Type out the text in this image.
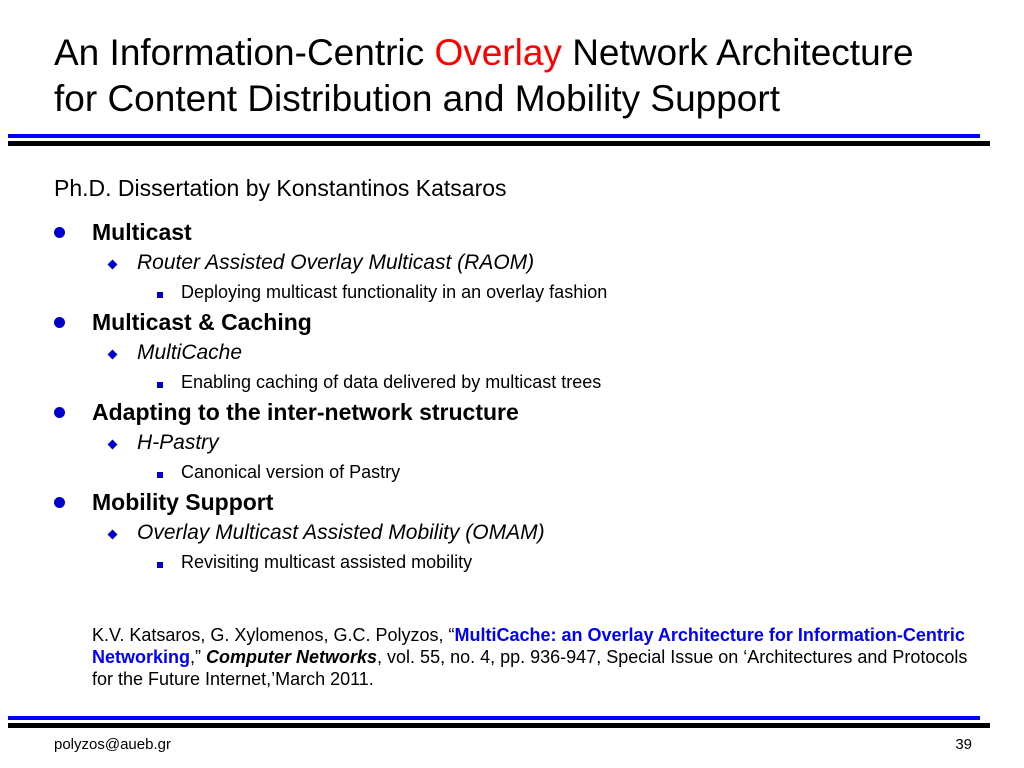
An Information-Centric Overlay Network Architecture
for Content Distribution and Mobility Support
Ph.D. Dissertation by Konstantinos Katsaros
Multicast
Router Assisted Overlay Multicast (RAOM)
Deploying multicast functionality in an overlay fashion
Multicast & Caching
MultiCache
Enabling caching of data delivered by multicast trees
Adapting to the inter-network structure
H-Pastry
Canonical version of Pastry
Mobility Support
Overlay Multicast Assisted Mobility (OMAM)
Revisiting multicast assisted mobility
K.V. Katsaros, G. Xylomenos, G.C. Polyzos, “MultiCache: an Overlay Architecture for Information-Centric Networking,” Computer Networks, vol. 55, no. 4, pp. 936-947, Special Issue on ‘Architectures and Protocols for the Future Internet,’March 2011.
polyzos@aueb.gr	39
